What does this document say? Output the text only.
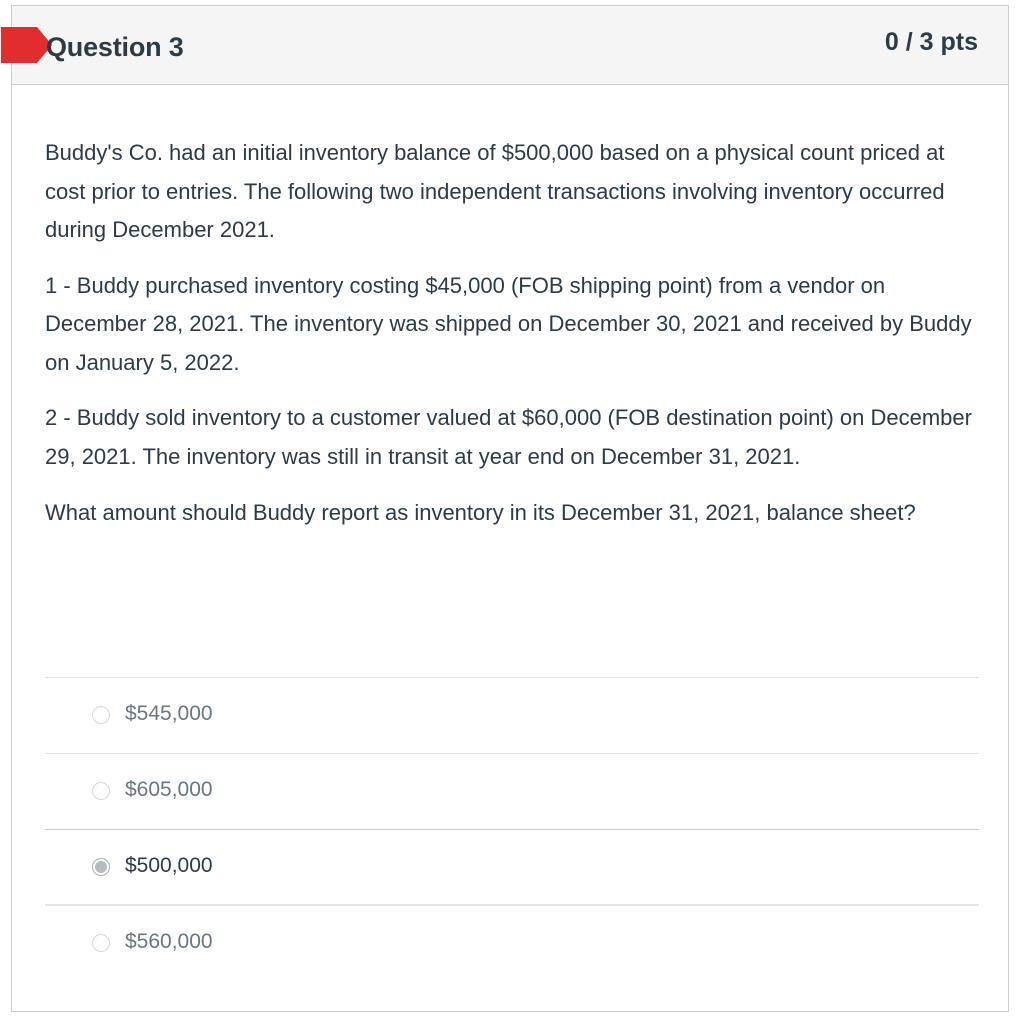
Question 3	0 / 3 pts

Buddy's Co. had an initial inventory balance of $500,000 based on a physical count priced at cost prior to entries. The following two independent transactions involving inventory occurred during December 2021.

1 - Buddy purchased inventory costing $45,000 (FOB shipping point) from a vendor on December 28, 2021. The inventory was shipped on December 30, 2021 and received by Buddy on January 5, 2022.

2 - Buddy sold inventory to a customer valued at $60,000 (FOB destination point) on December 29, 2021. The inventory was still in transit at year end on December 31, 2021.

What amount should Buddy report as inventory in its December 31, 2021, balance sheet?

$545,000
$605,000
$500,000
$560,000
